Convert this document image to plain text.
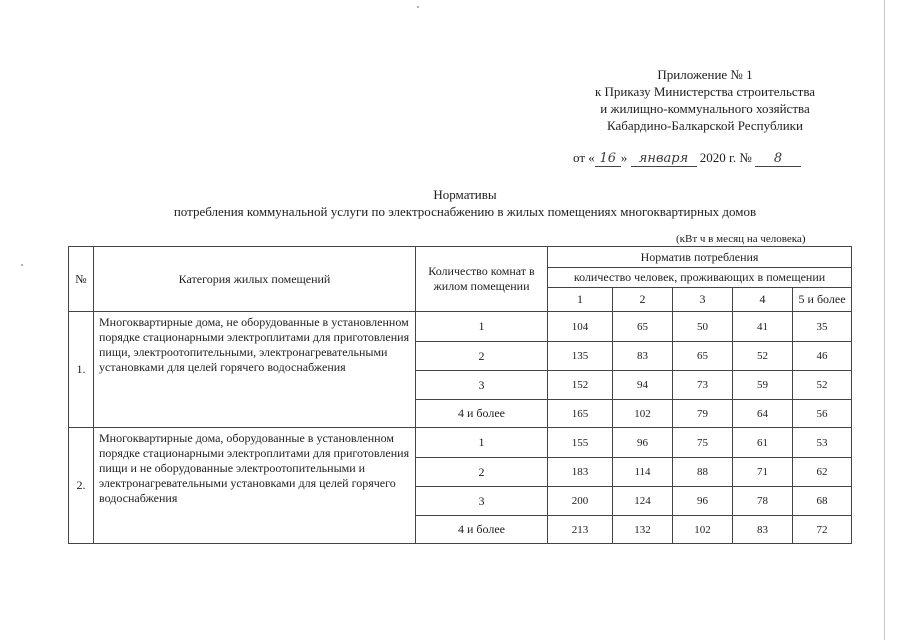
Приложение № 1
к Приказу Министерства строительства
и жилищно-коммунального хозяйства
Кабардино-Балкарской Республики
от « 16 » января 2020 г. № 8
Нормативы
потребления коммунальной услуги по электроснабжению в жилых помещениях многоквартирных домов
(кВт ч в месяц на человека)
№	Категория жилых помещений	Количество комнат в жилом помещении	Норматив потребления				
			количество человек, проживающих в помещении				
			1	2	3	4	5 и более
1.	Многоквартирные дома, не оборудованные в установленном порядке стационарными электроплитами для приготовления пищи, электроотопительными, электронагревательными установками для целей горячего водоснабжения	1	104	65	50	41	35
		2	135	83	65	52	46
		3	152	94	73	59	52
		4 и более	165	102	79	64	56
2.	Многоквартирные дома, оборудованные в установленном порядке стационарными электроплитами для приготовления пищи и не оборудованные электроотопительными и электронагревательными установками для целей горячего водоснабжения	1	155	96	75	61	53
		2	183	114	88	71	62
		3	200	124	96	78	68
		4 и более	213	132	102	83	72
